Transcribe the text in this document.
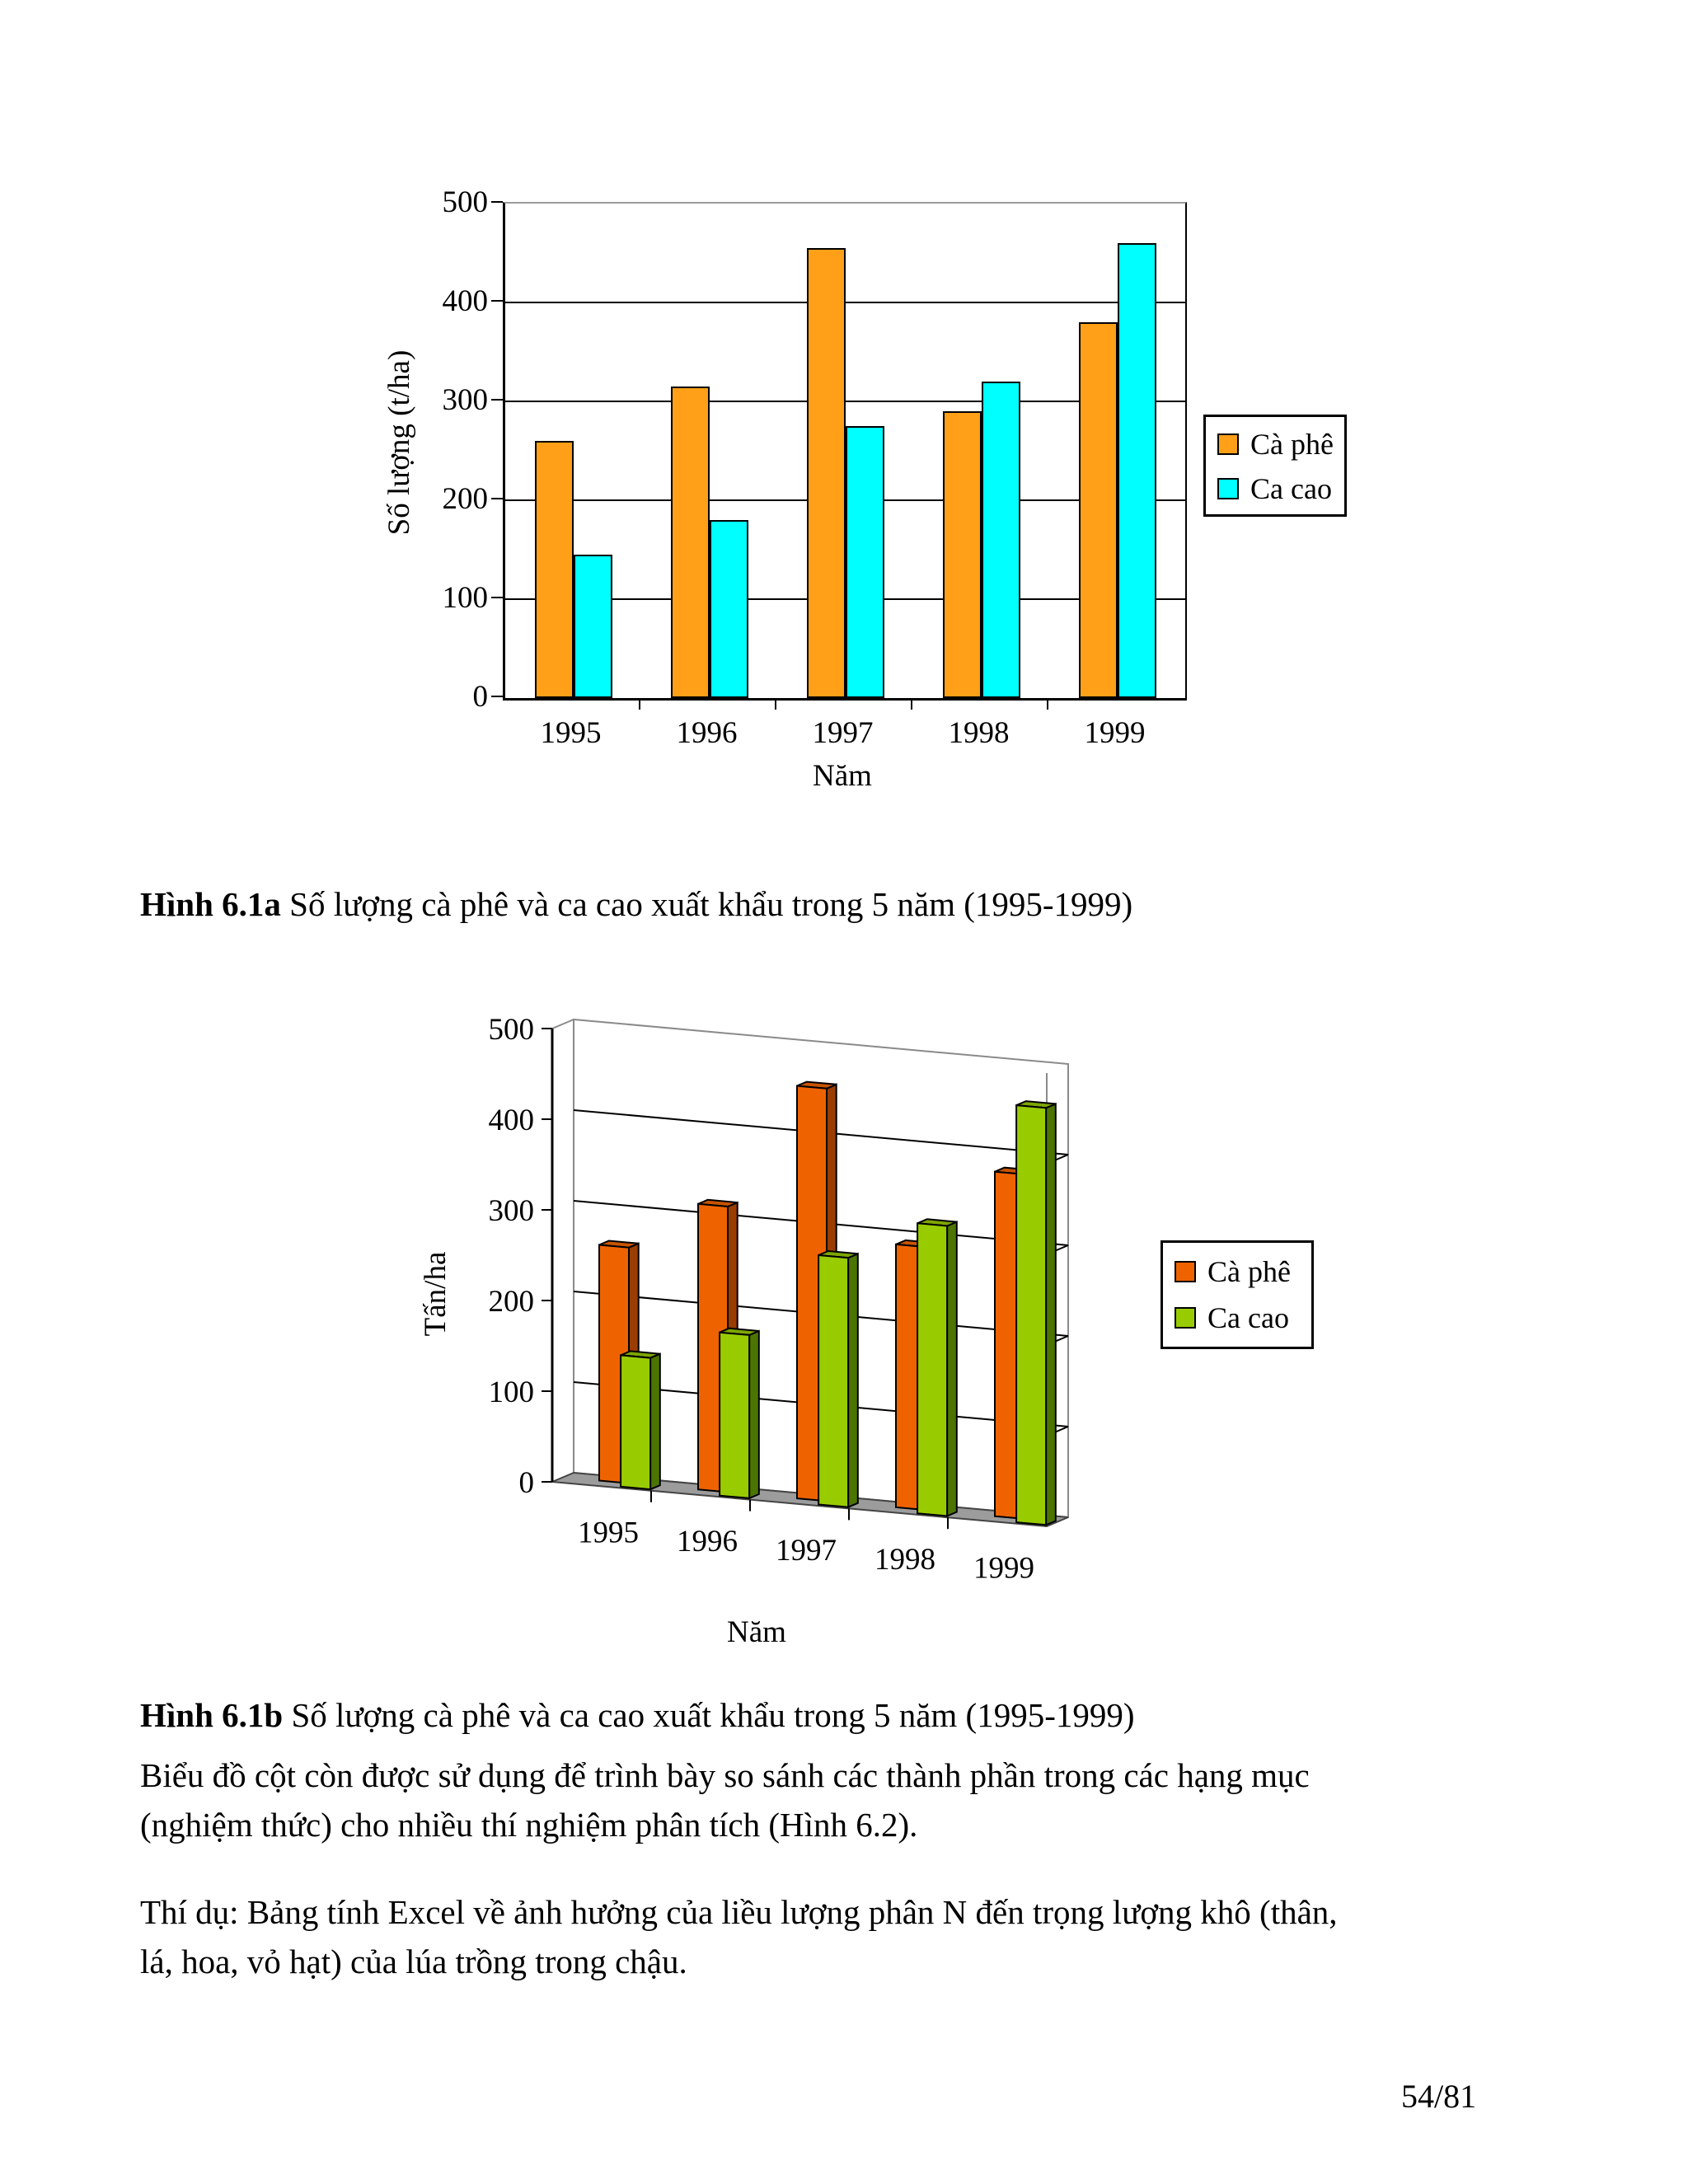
Số lượng (t/ha)
0
100
200
300
400
500
1995	1996	1997	1998	1999
Năm
Cà phê
Ca cao
Hình 6.1a Số lượng cà phê và ca cao xuất khẩu trong 5 năm (1995-1999)
0
100
200
300
400
500
1995 1996 1997 1998 1999
Tấn/ha
Năm
Cà phê
Ca cao
Hình 6.1b Số lượng cà phê và ca cao xuất khẩu trong 5 năm (1995-1999)
Biểu đồ cột còn được sử dụng để trình bày so sánh các thành phần trong các hạng mục
(nghiệm thức) cho nhiều thí nghiệm phân tích (Hình 6.2).
Thí dụ: Bảng tính Excel về ảnh hưởng của liều lượng phân N đến trọng lượng khô (thân,
lá, hoa, vỏ hạt) của lúa trồng trong chậu.
54/81
